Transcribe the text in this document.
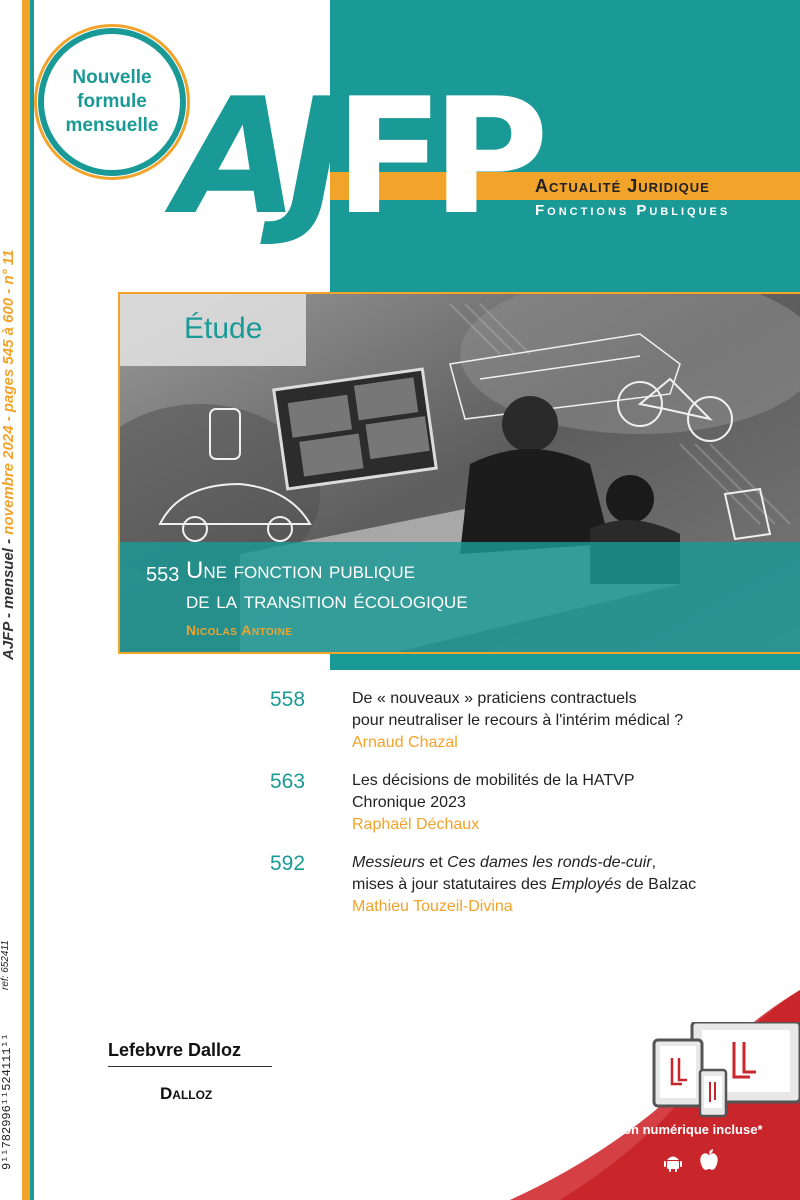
AJFP - mensuel - novembre 2024 - pages 545 à 600 - n° 11
ref: 652411
9¹¹782996¹¹524111¹¹
Nouvelle
formule
mensuelle AJFP
Actualité Juridique
Fonctions Publiques
Étude
553 Une fonction publique
de la transition écologique
Nicolas Antoine
558	De « nouveaux » praticiens contractuels
pour neutraliser le recours à l'intérim médical ?
Arnaud Chazal
563	Les décisions de mobilités de la HATVP
Chronique 2023
Raphaël Déchaux
592	Messieurs et Ces dames les ronds-de-cuir,
mises à jour statutaires des Employés de Balzac
Mathieu Touzeil-Divina
Lefebvre Dalloz
Dalloz
Version numérique incluse*
